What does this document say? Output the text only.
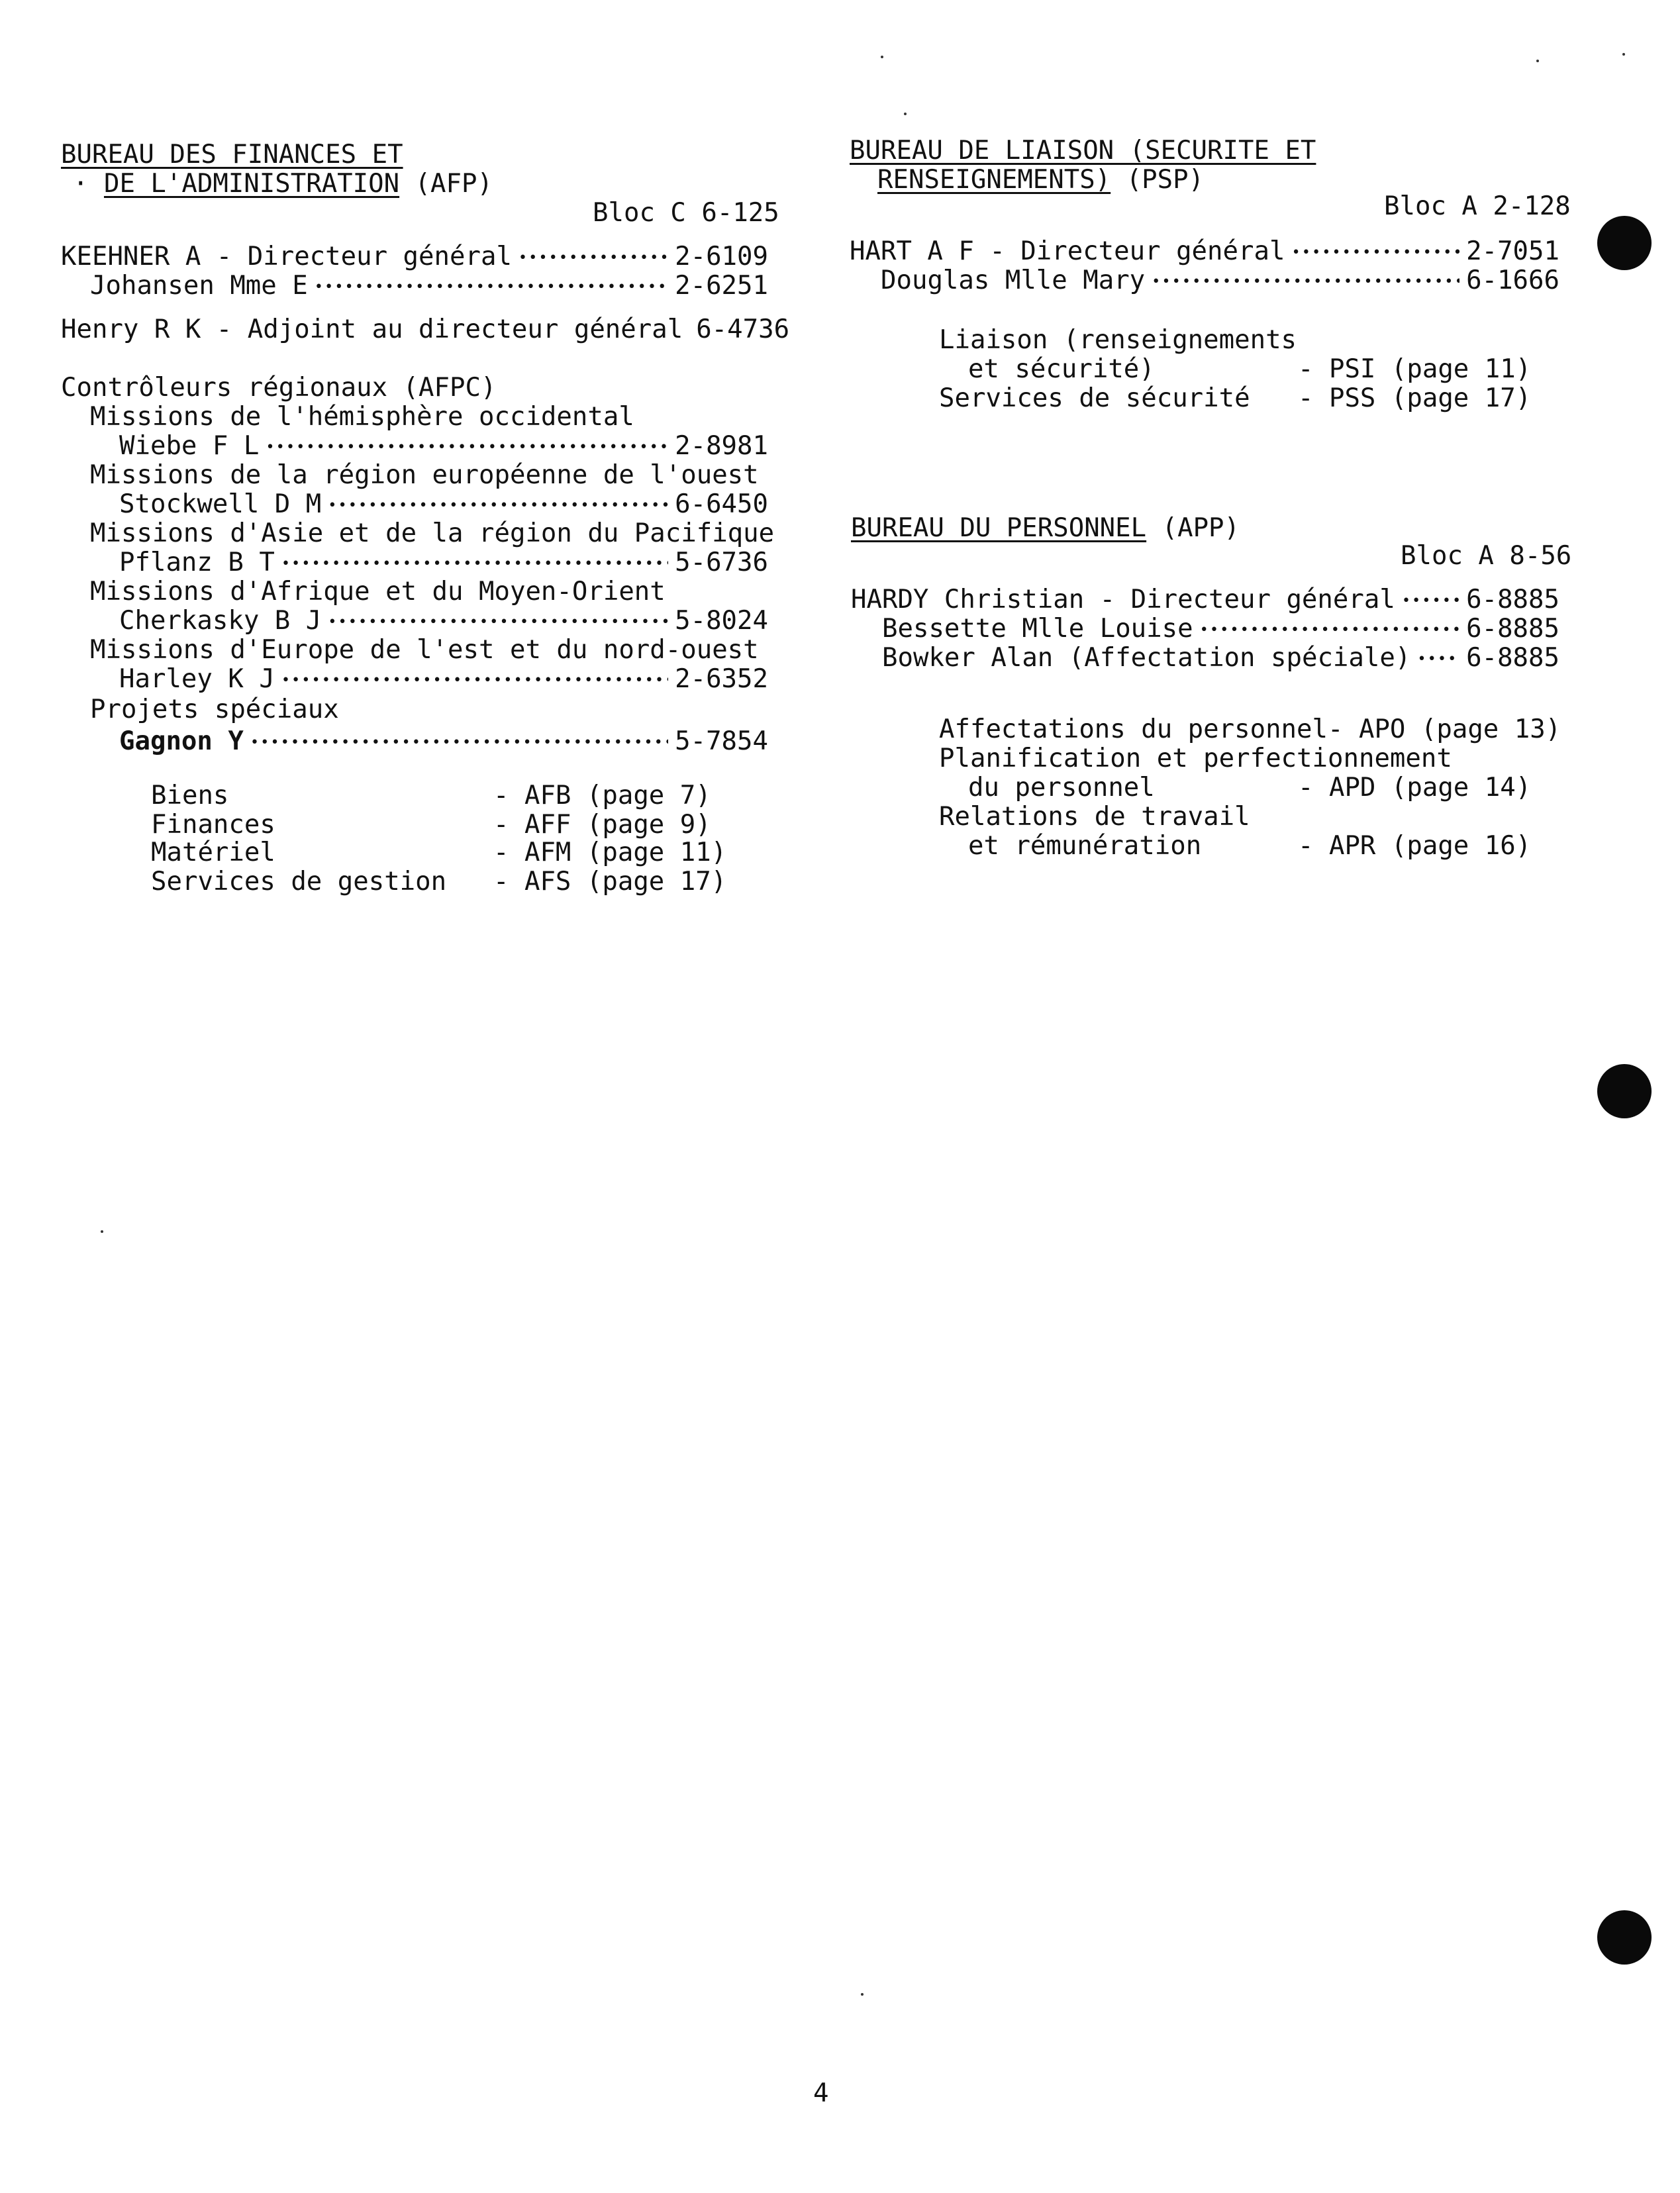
BUREAU DES FINANCES ET
· DE L'ADMINISTRATION (AFP)
Bloc C 6-125
KEEHNER A - Directeur général •••••	2-6109
Johansen Mme E •••••	2-6251
Henry R K - Adjoint au directeur général 6-4736
Contrôleurs régionaux (AFPC)
Missions de l'hémisphère occidental
Wiebe F L •••••	2-8981
Missions de la région européenne de l'ouest
Stockwell D M •••••	6-6450
Missions d'Asie et de la région du Pacifique
Pflanz B T •••••	5-6736
Missions d'Afrique et du Moyen-Orient
Cherkasky B J •••••	5-8024
Missions d'Europe de l'est et du nord-ouest
Harley K J •••••	2-6352
Projets spéciaux
Gagnon Y •••••	5-7854
Biens	- AFB (page 7)
Finances	- AFF (page 9)
Matériel	- AFM (page 11)
Services de gestion - AFS (page 17)
BUREAU DE LIAISON (SECURITE ET
RENSEIGNEMENTS) (PSP)
Bloc A 2-128
HART A F - Directeur général •••••	2-7051
Douglas Mlle Mary •••••	6-1666
Liaison (renseignements
et sécurité)	- PSI (page 11)
Services de sécurité - PSS (page 17)
BUREAU DU PERSONNEL (APP)
Bloc A 8-56
HARDY Christian - Directeur général •••••	6-8885
Bessette Mlle Louise •••••	6-8885
Bowker Alan (Affectation spéciale) ••••• 6-8885
Affectations du personnel- APO (page 13)
Planification et perfectionnement
du personnel	- APD (page 14)
Relations de travail
et rémunération	- APR (page 16)
4
